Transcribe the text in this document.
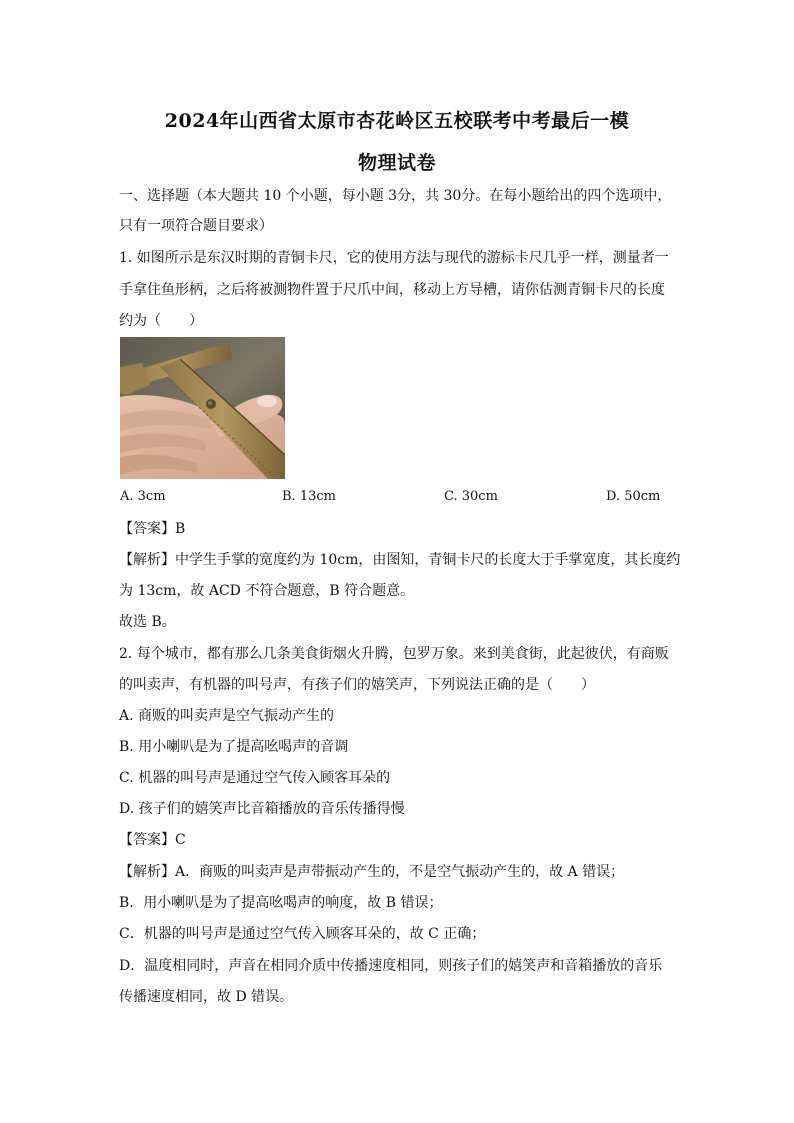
2024年山西省太原市杏花岭区五校联考中考最后一模
物理试卷
一、选择题（本大题共 10 个小题，每小题 3分，共 30分。在每小题给出的四个选项中，
只有一项符合题目要求）
1. 如图所示是东汉时期的青铜卡尺，它的使用方法与现代的游标卡尺几乎一样，测量者一
手拿住鱼形柄，之后将被测物件置于尺爪中间，移动上方导槽，请你估测青铜卡尺的长度
约为（　　）
A. 3cm	B. 13cm	C. 30cm	D. 50cm
【答案】B
【解析】中学生手掌的宽度约为 10cm，由图知，青铜卡尺的长度大于手掌宽度，其长度约
为 13cm，故 ACD 不符合题意，B 符合题意。
故选 B。
2. 每个城市，都有那么几条美食街烟火升腾，包罗万象。来到美食街，此起彼伏，有商贩
的叫卖声，有机器的叫号声，有孩子们的嬉笑声，下列说法正确的是（　　）
A. 商贩的叫卖声是空气振动产生的
B. 用小喇叭是为了提高吆喝声的音调
C. 机器的叫号声是通过空气传入顾客耳朵的
D. 孩子们的嬉笑声比音箱播放的音乐传播得慢
【答案】C
【解析】A．商贩的叫卖声是声带振动产生的，不是空气振动产生的，故 A 错误；
B．用小喇叭是为了提高吆喝声的响度，故 B 错误；
C．机器的叫号声是通过空气传入顾客耳朵的，故 C 正确；
D．温度相同时，声音在相同介质中传播速度相同，则孩子们的嬉笑声和音箱播放的音乐
传播速度相同，故 D 错误。
